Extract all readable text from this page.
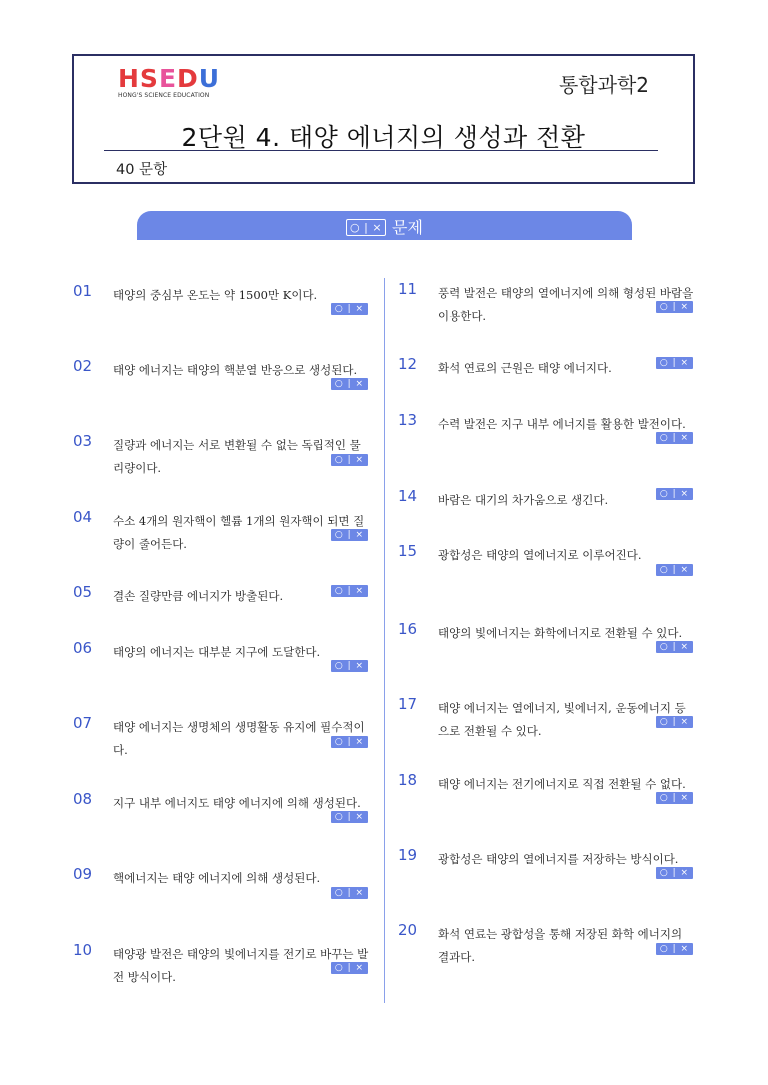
HSEDU
HONG'S SCIENCE EDUCATION	통합과학2
2단원 4. 태양 에너지의 생성과 전환
40 문항
○ | × 문제
01 태양의 중심부 온도는 약 1500만 K이다.
○ | ×
02 태양 에너지는 태양의 핵분열 반응으로 생성된다.
○ | ×
03 질량과 에너지는 서로 변환될 수 없는 독립적인 물리량이다.
○ | ×
04 수소 4개의 원자핵이 헬륨 1개의 원자핵이 되면 질량이 줄어든다.
○ | ×
05 결손 질량만큼 에너지가 방출된다.	○ | ×
06 태양의 에너지는 대부분 지구에 도달한다.
○ | ×
07 태양 에너지는 생명체의 생명활동 유지에 필수적이다.
○ | ×
08 지구 내부 에너지도 태양 에너지에 의해 생성된다.
○ | ×
09 핵에너지는 태양 에너지에 의해 생성된다.
○ | ×
10 태양광 발전은 태양의 빛에너지를 전기로 바꾸는 발전 방식이다.
○ | ×
11 풍력 발전은 태양의 열에너지에 의해 형성된 바람을 이용한다.
○ | ×
12 화석 연료의 근원은 태양 에너지다.	○ | ×
13 수력 발전은 지구 내부 에너지를 활용한 발전이다.
○ | ×
14 바람은 대기의 차가움으로 생긴다.	○ | ×
15 광합성은 태양의 열에너지로 이루어진다.
○ | ×
16 태양의 빛에너지는 화학에너지로 전환될 수 있다.
○ | ×
17 태양 에너지는 열에너지, 빛에너지, 운동에너지 등으로 전환될 수 있다.
○ | ×
18 태양 에너지는 전기에너지로 직접 전환될 수 없다.
○ | ×
19 광합성은 태양의 열에너지를 저장하는 방식이다.
○ | ×
20 화석 연료는 광합성을 통해 저장된 화학 에너지의 결과다.
○ | ×
